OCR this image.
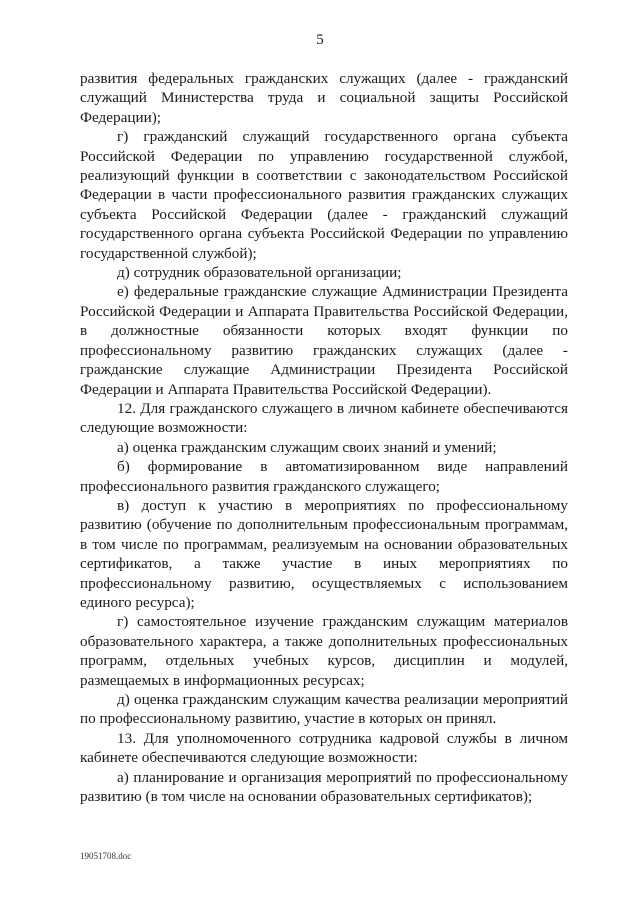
5

развития федеральных гражданских служащих (далее - гражданский служащий Министерства труда и социальной защиты Российской Федерации);

г) гражданский служащий государственного органа субъекта Российской Федерации по управлению государственной службой, реализующий функции в соответствии с законодательством Российской Федерации в части профессионального развития гражданских служащих субъекта Российской Федерации (далее - гражданский служащий государственного органа субъекта Российской Федерации по управлению государственной службой);

д) сотрудник образовательной организации;

е) федеральные гражданские служащие Администрации Президента Российской Федерации и Аппарата Правительства Российской Федерации, в должностные обязанности которых входят функции по профессиональному развитию гражданских служащих (далее - гражданские служащие Администрации Президента Российской Федерации и Аппарата Правительства Российской Федерации).

12. Для гражданского служащего в личном кабинете обеспечиваются следующие возможности:

а) оценка гражданским служащим своих знаний и умений;

б) формирование в автоматизированном виде направлений профессионального развития гражданского служащего;

в) доступ к участию в мероприятиях по профессиональному развитию (обучение по дополнительным профессиональным программам, в том числе по программам, реализуемым на основании образовательных сертификатов, а также участие в иных мероприятиях по профессиональному развитию, осуществляемых с использованием единого ресурса);

г) самостоятельное изучение гражданским служащим материалов образовательного характера, а также дополнительных профессиональных программ, отдельных учебных курсов, дисциплин и модулей, размещаемых в информационных ресурсах;

д) оценка гражданским служащим качества реализации мероприятий по профессиональному развитию, участие в которых он принял.

13. Для уполномоченного сотрудника кадровой службы в личном кабинете обеспечиваются следующие возможности:

а) планирование и организация мероприятий по профессиональному развитию (в том числе на основании образовательных сертификатов);

19051708.doc
